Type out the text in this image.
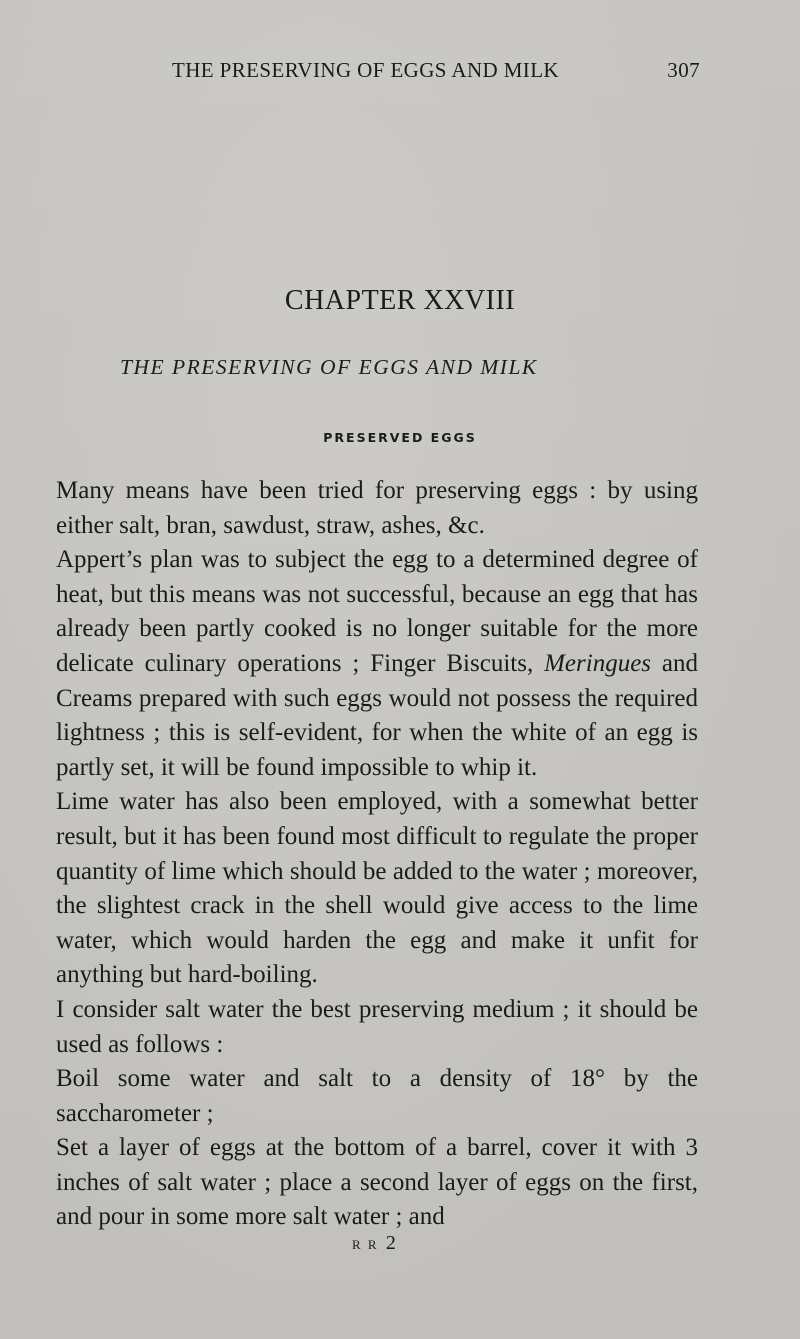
THE PRESERVING OF EGGS AND MILK	307
CHAPTER XXVIII
THE PRESERVING OF EGGS AND MILK
PRESERVED EGGS

Many means have been tried for preserving eggs : by using either salt, bran, sawdust, straw, ashes, &c.

Appert’s plan was to subject the egg to a determined degree of heat, but this means was not successful, because an egg that has already been partly cooked is no longer suitable for the more delicate culinary operations ; Finger Biscuits, Meringues and Creams prepared with such eggs would not possess the required lightness ; this is self-evident, for when the white of an egg is partly set, it will be found impossible to whip it.

Lime water has also been employed, with a somewhat better result, but it has been found most difficult to regulate the proper quantity of lime which should be added to the water ; moreover, the slightest crack in the shell would give access to the lime water, which would harden the egg and make it unfit for anything but hard-boiling.

I consider salt water the best preserving medium ; it should be used as follows :

Boil some water and salt to a density of 18° by the saccharometer ;

Set a layer of eggs at the bottom of a barrel, cover it with 3 inches of salt water ; place a second layer of eggs on the first, and pour in some more salt water ; and

R R 2
